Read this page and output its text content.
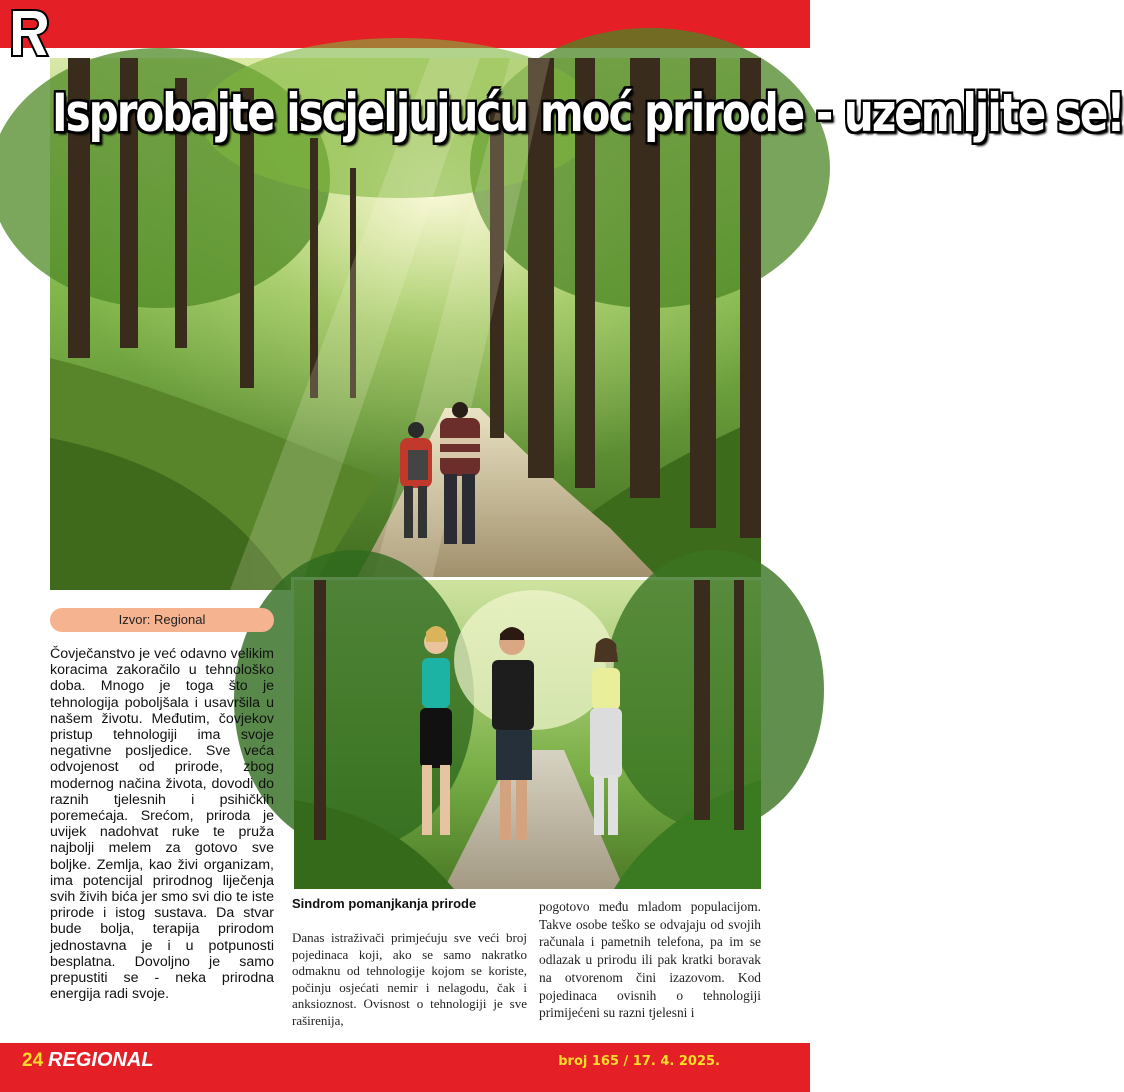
Isprobajte iscjeljujuću moć prirode - uzemljite se!
Izvor: Regional
Čovječanstvo je već odavno velikim koracima zakoračilo u tehnološko doba. Mnogo je toga što je tehnologija poboljšala i usavršila u našem životu. Međutim, čovjekov pristup tehnologiji ima svoje negativne posljedice. Sve veća odvojenost od prirode, zbog modernog načina života, dovodi do raznih tjelesnih i psihičkih poremećaja. Srećom, priroda je uvijek nadohvat ruke te pruža najbolji melem za gotovo sve boljke. Zemlja, kao živi organizam, ima potencijal prirodnog liječenja svih živih bića jer smo svi dio te iste prirode i istog sustava. Da stvar bude bolja, terapija prirodom jednostavna je i u potpunosti besplatna. Dovoljno je samo prepustiti se - neka prirodna energija radi svoje.
Sindrom pomanjkanja prirode
Danas istraživači primjećuju sve veći broj pojedinaca koji, ako se samo nakratko odmaknu od tehnologije kojom se koriste, počinju osjećati nemir i nelagodu, čak i anksioznost. Ovisnost o tehnologiji je sve raširenija,
pogotovo među mladom populacijom. Takve osobe teško se odvajaju od svojih računala i pametnih telefona, pa im se odlazak u prirodu ili pak kratki boravak na otvorenom čini izazovom. Kod pojedinaca ovisnih o tehnologiji primijećeni su razni tjelesni i
24 REGIONAL	broj 165 / 17. 4. 2025.
